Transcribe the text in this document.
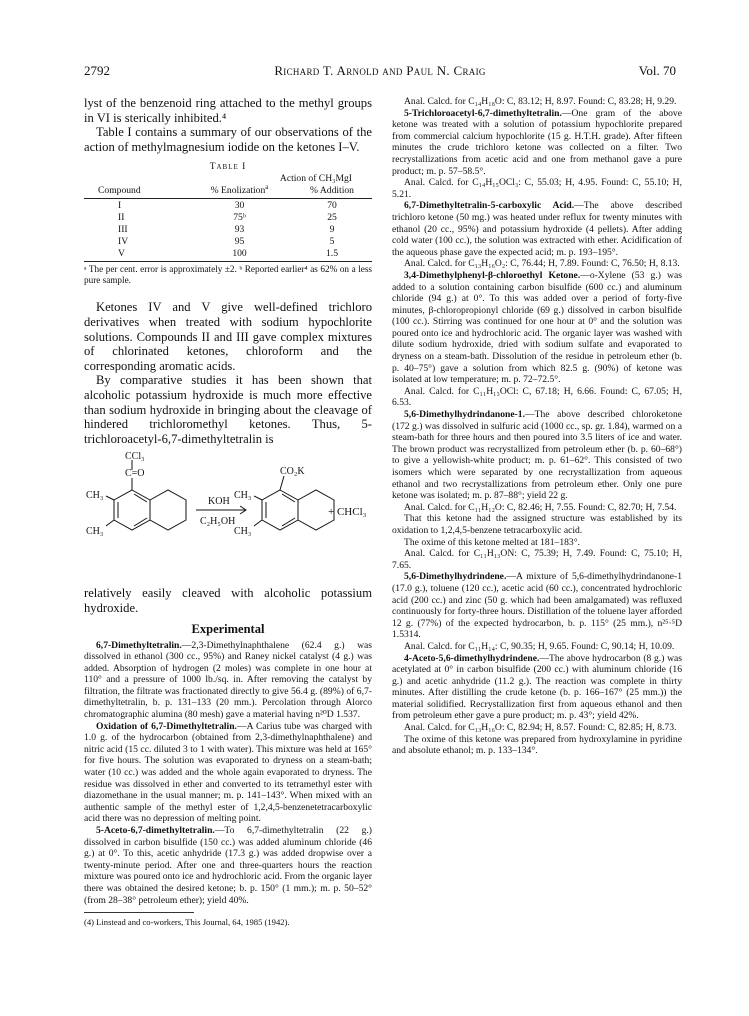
2792	Richard T. Arnold and Paul N. Craig	Vol. 70

lyst of the benzenoid ring attached to the methyl groups in VI is sterically inhibited.⁴

Table I contains a summary of our observations of the action of methylmagnesium iodide on the ketones I–V.

Table I
	Action of CH₃MgI	
Compound	% Enolization$^a$	% Addition

I	30	70
II	75ᵇ	25
III	93	9
IV	95	5
V	100	1.5

ᵃ The per cent. error is approximately ±2. ᵇ Reported earlier⁴ as 62% on a less pure sample.

Ketones IV and V give well-defined trichloro derivatives when treated with sodium hypochlorite solutions. Compounds II and III gave complex mixtures of chlorinated ketones, chloroform and the corresponding aromatic acids.

By comparative studies it has been shown that alcoholic potassium hydroxide is much more effective than sodium hydroxide in bringing about the cleavage of hindered trichloromethyl ketones. Thus, 5-trichloroacetyl-6,7-dimethyltetralin is

CCl₃
C=O
CH₃
CH₃
KOH
C₂H₅OH
CO₂K
CH₃
CH₃
+ CHCl₃

relatively easily cleaved with alcoholic potassium hydroxide.

Experimental

6,7-Dimethyltetralin.—2,3-Dimethylnaphthalene (62.4 g.) was dissolved in ethanol (300 cc., 95%) and Raney nickel catalyst (4 g.) was added. Absorption of hydrogen (2 moles) was complete in one hour at 110° and a pressure of 1000 lb./sq. in. After removing the catalyst by filtration, the filtrate was fractionated directly to give 56.4 g. (89%) of 6,7-dimethyltetralin, b. p. 131–133 (20 mm.). Percolation through Alorco chromatographic alumina (80 mesh) gave a material having n²⁰D 1.537.

Oxidation of 6,7-Dimethyltetralin.—A Carius tube was charged with 1.0 g. of the hydrocarbon (obtained from 2,3-dimethylnaphthalene) and nitric acid (15 cc. diluted 3 to 1 with water). This mixture was held at 165° for five hours. The solution was evaporated to dryness on a steam-bath; water (10 cc.) was added and the whole again evaporated to dryness. The residue was dissolved in ether and converted to its tetramethyl ester with diazomethane in the usual manner; m. p. 141–143°. When mixed with an authentic sample of the methyl ester of 1,2,4,5-benzenetetracarboxylic acid there was no depression of melting point.

5-Aceto-6,7-dimethyltetralin.—To 6,7-dimethyltetralin (22 g.) dissolved in carbon bisulfide (150 cc.) was added aluminum chloride (46 g.) at 0°. To this, acetic anhydride (17.3 g.) was added dropwise over a twenty-minute period. After one and three-quarters hours the reaction mixture was poured onto ice and hydrochloric acid. From the organic layer there was obtained the desired ketone; b. p. 150° (1 mm.); m. p. 50–52° (from 28–38° petroleum ether); yield 40%.

(4) Linstead and co-workers, This Journal, 64, 1985 (1942).

Anal. Calcd. for C₁₄H₁₈O: C, 83.12; H, 8.97. Found: C, 83.28; H, 9.29.

5-Trichloroacetyl-6,7-dimethyltetralin.—One gram of the above ketone was treated with a solution of potassium hypochlorite prepared from commercial calcium hypochlorite (15 g. H.T.H. grade). After fifteen minutes the crude trichloro ketone was collected on a filter. Two recrystallizations from acetic acid and one from methanol gave a pure product; m. p. 57–58.5°.

Anal. Calcd. for C₁₄H₁₅OCl₃: C, 55.03; H, 4.95. Found: C, 55.10; H, 5.21.

6,7-Dimethyltetralin-5-carboxylic Acid.—The above described trichloro ketone (50 mg.) was heated under reflux for twenty minutes with ethanol (20 cc., 95%) and potassium hydroxide (4 pellets). After adding cold water (100 cc.), the solution was extracted with ether. Acidification of the aqueous phase gave the expected acid; m. p. 193–195°.

Anal. Calcd. for C₁₃H₁₆O₂: C, 76.44; H, 7.89. Found: C, 76.50; H, 8.13.

3,4-Dimethylphenyl-β-chloroethyl Ketone.—o-Xylene (53 g.) was added to a solution containing carbon bisulfide (600 cc.) and aluminum chloride (94 g.) at 0°. To this was added over a period of forty-five minutes, β-chloropropionyl chloride (69 g.) dissolved in carbon bisulfide (100 cc.). Stirring was continued for one hour at 0° and the solution was poured onto ice and hydrochloric acid. The organic layer was washed with dilute sodium hydroxide, dried with sodium sulfate and evaporated to dryness on a steam-bath. Dissolution of the residue in petroleum ether (b. p. 40–75°) gave a solution from which 82.5 g. (90%) of ketone was isolated at low temperature; m. p. 72–72.5°.

Anal. Calcd. for C₁₁H₁₃OCl: C, 67.18; H, 6.66. Found: C, 67.05; H, 6.53.

5,6-Dimethylhydrindanone-1.—The above described chloroketone (172 g.) was dissolved in sulfuric acid (1000 cc., sp. gr. 1.84), warmed on a steam-bath for three hours and then poured into 3.5 liters of ice and water. The brown product was recrystallized from petroleum ether (b. p. 60–68°) to give a yellowish-white product; m. p. 61–62°. This consisted of two isomers which were separated by one recrystallization from aqueous ethanol and two recrystallizations from petroleum ether. Only one pure ketone was isolated; m. p. 87–88°; yield 22 g.

Anal. Calcd. for C₁₁H₁₂O: C, 82.46; H, 7.55. Found: C, 82.70; H, 7.54.

That this ketone had the assigned structure was established by its oxidation to 1,2,4,5-benzene tetracarboxylic acid.

The oxime of this ketone melted at 181–183°.

Anal. Calcd. for C₁₁H₁₃ON: C, 75.39; H, 7.49. Found: C, 75.10; H, 7.65.

5,6-Dimethylhydrindene.—A mixture of 5,6-dimethylhydrindanone-1 (17.0 g.), toluene (120 cc.), acetic acid (60 cc.), concentrated hydrochloric acid (200 cc.) and zinc (50 g. which had been amalgamated) was refluxed continuously for forty-three hours. Distillation of the toluene layer afforded 12 g. (77%) of the expected hydrocarbon, b. p. 115° (25 mm.), n²⁵·⁵D 1.5314.

Anal. Calcd. for C₁₁H₁₄: C, 90.35; H, 9.65. Found: C, 90.14; H, 10.09.

4-Aceto-5,6-dimethylhydrindene.—The above hydrocarbon (8 g.) was acetylated at 0° in carbon bisulfide (200 cc.) with aluminum chloride (16 g.) and acetic anhydride (11.2 g.). The reaction was complete in thirty minutes. After distilling the crude ketone (b. p. 166–167° (25 mm.)) the material solidified. Recrystallization first from aqueous ethanol and then from petroleum ether gave a pure product; m. p. 43°; yield 42%.

Anal. Calcd. for C₁₃H₁₆O: C, 82.94; H, 8.57. Found: C, 82.85; H, 8.73.

The oxime of this ketone was prepared from hydroxylamine in pyridine and absolute ethanol; m. p. 133–134°.
